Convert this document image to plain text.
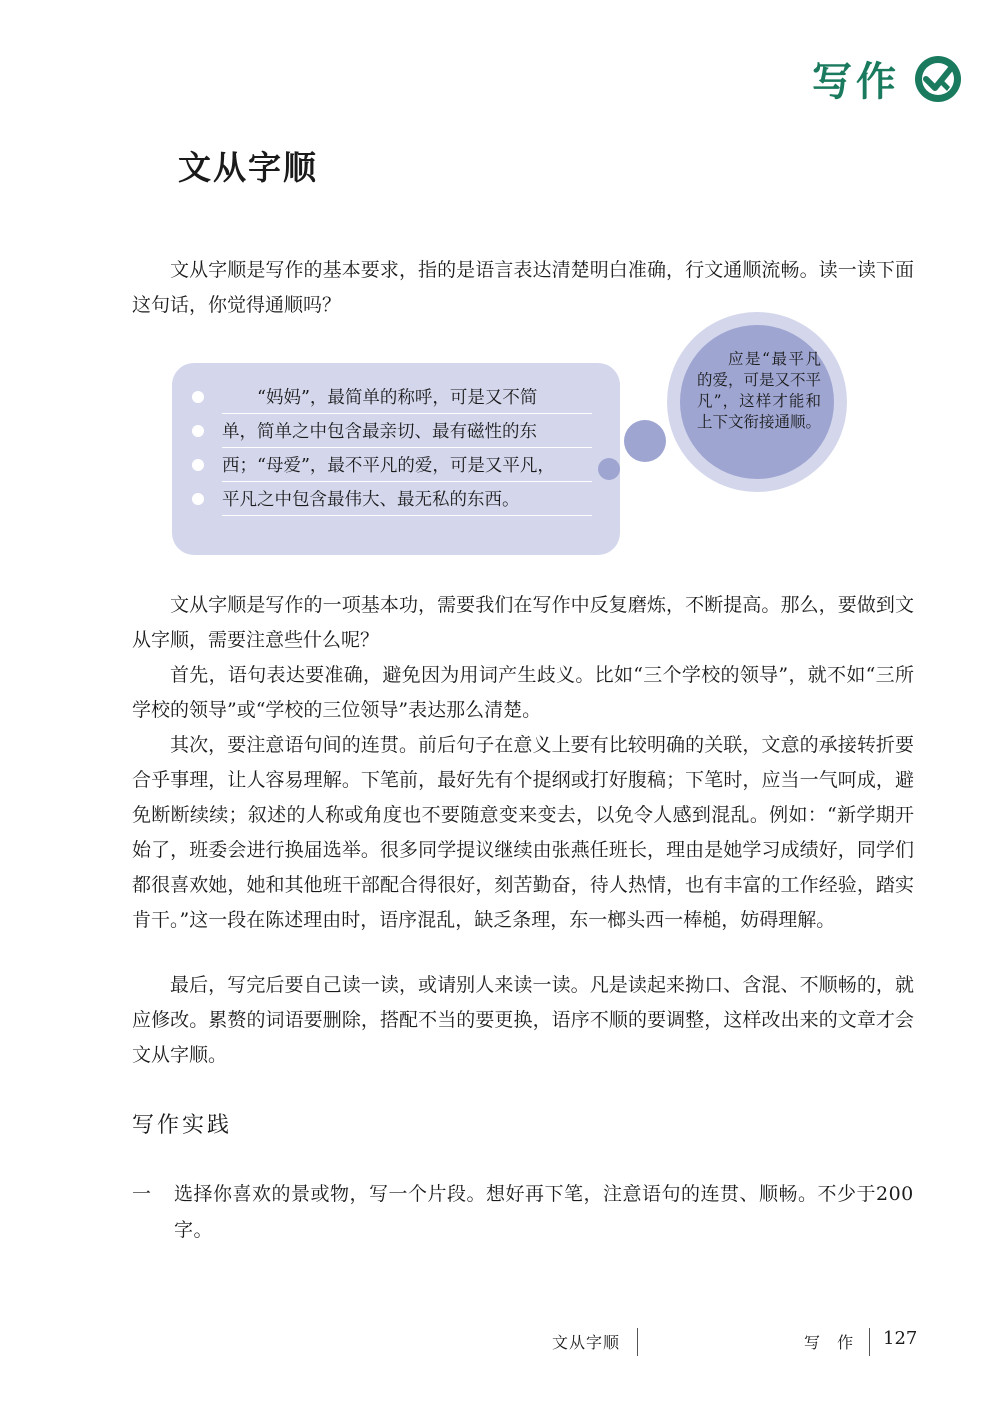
写作
文从字顺

文从字顺是写作的基本要求，指的是语言表达清楚明白准确，行文通顺流畅。读一读下面这句话，你觉得通顺吗？

“妈妈”，最简单的称呼，可是又不简
单，简单之中包含最亲切、最有磁性的东
西；“母爱”，最不平凡的爱，可是又平凡，
平凡之中包含最伟大、最无私的东西。

应是“最平凡的爱，可是又不平凡”，这样才能和上下文衔接通顺。

文从字顺是写作的一项基本功，需要我们在写作中反复磨炼，不断提高。那么，要做到文从字顺，需要注意些什么呢？

首先，语句表达要准确，避免因为用词产生歧义。比如“三个学校的领导”，就不如“三所学校的领导”或“学校的三位领导”表达那么清楚。

其次，要注意语句间的连贯。前后句子在意义上要有比较明确的关联，文意的承接转折要合乎事理，让人容易理解。下笔前，最好先有个提纲或打好腹稿；下笔时，应当一气呵成，避免断断续续；叙述的人称或角度也不要随意变来变去，以免令人感到混乱。例如：“新学期开始了，班委会进行换届选举。很多同学提议继续由张燕任班长，理由是她学习成绩好，同学们都很喜欢她，她和其他班干部配合得很好，刻苦勤奋，待人热情，也有丰富的工作经验，踏实肯干。”这一段在陈述理由时，语序混乱，缺乏条理，东一榔头西一棒槌，妨碍理解。

最后，写完后要自己读一读，或请别人来读一读。凡是读起来拗口、含混、不顺畅的，就应修改。累赘的词语要删除，搭配不当的要更换，语序不顺的要调整，这样改出来的文章才会文从字顺。

写作实践
一 选择你喜欢的景或物，写一个片段。想好再下笔，注意语句的连贯、顺畅。不少于200字。

文从字顺	写 作 127
